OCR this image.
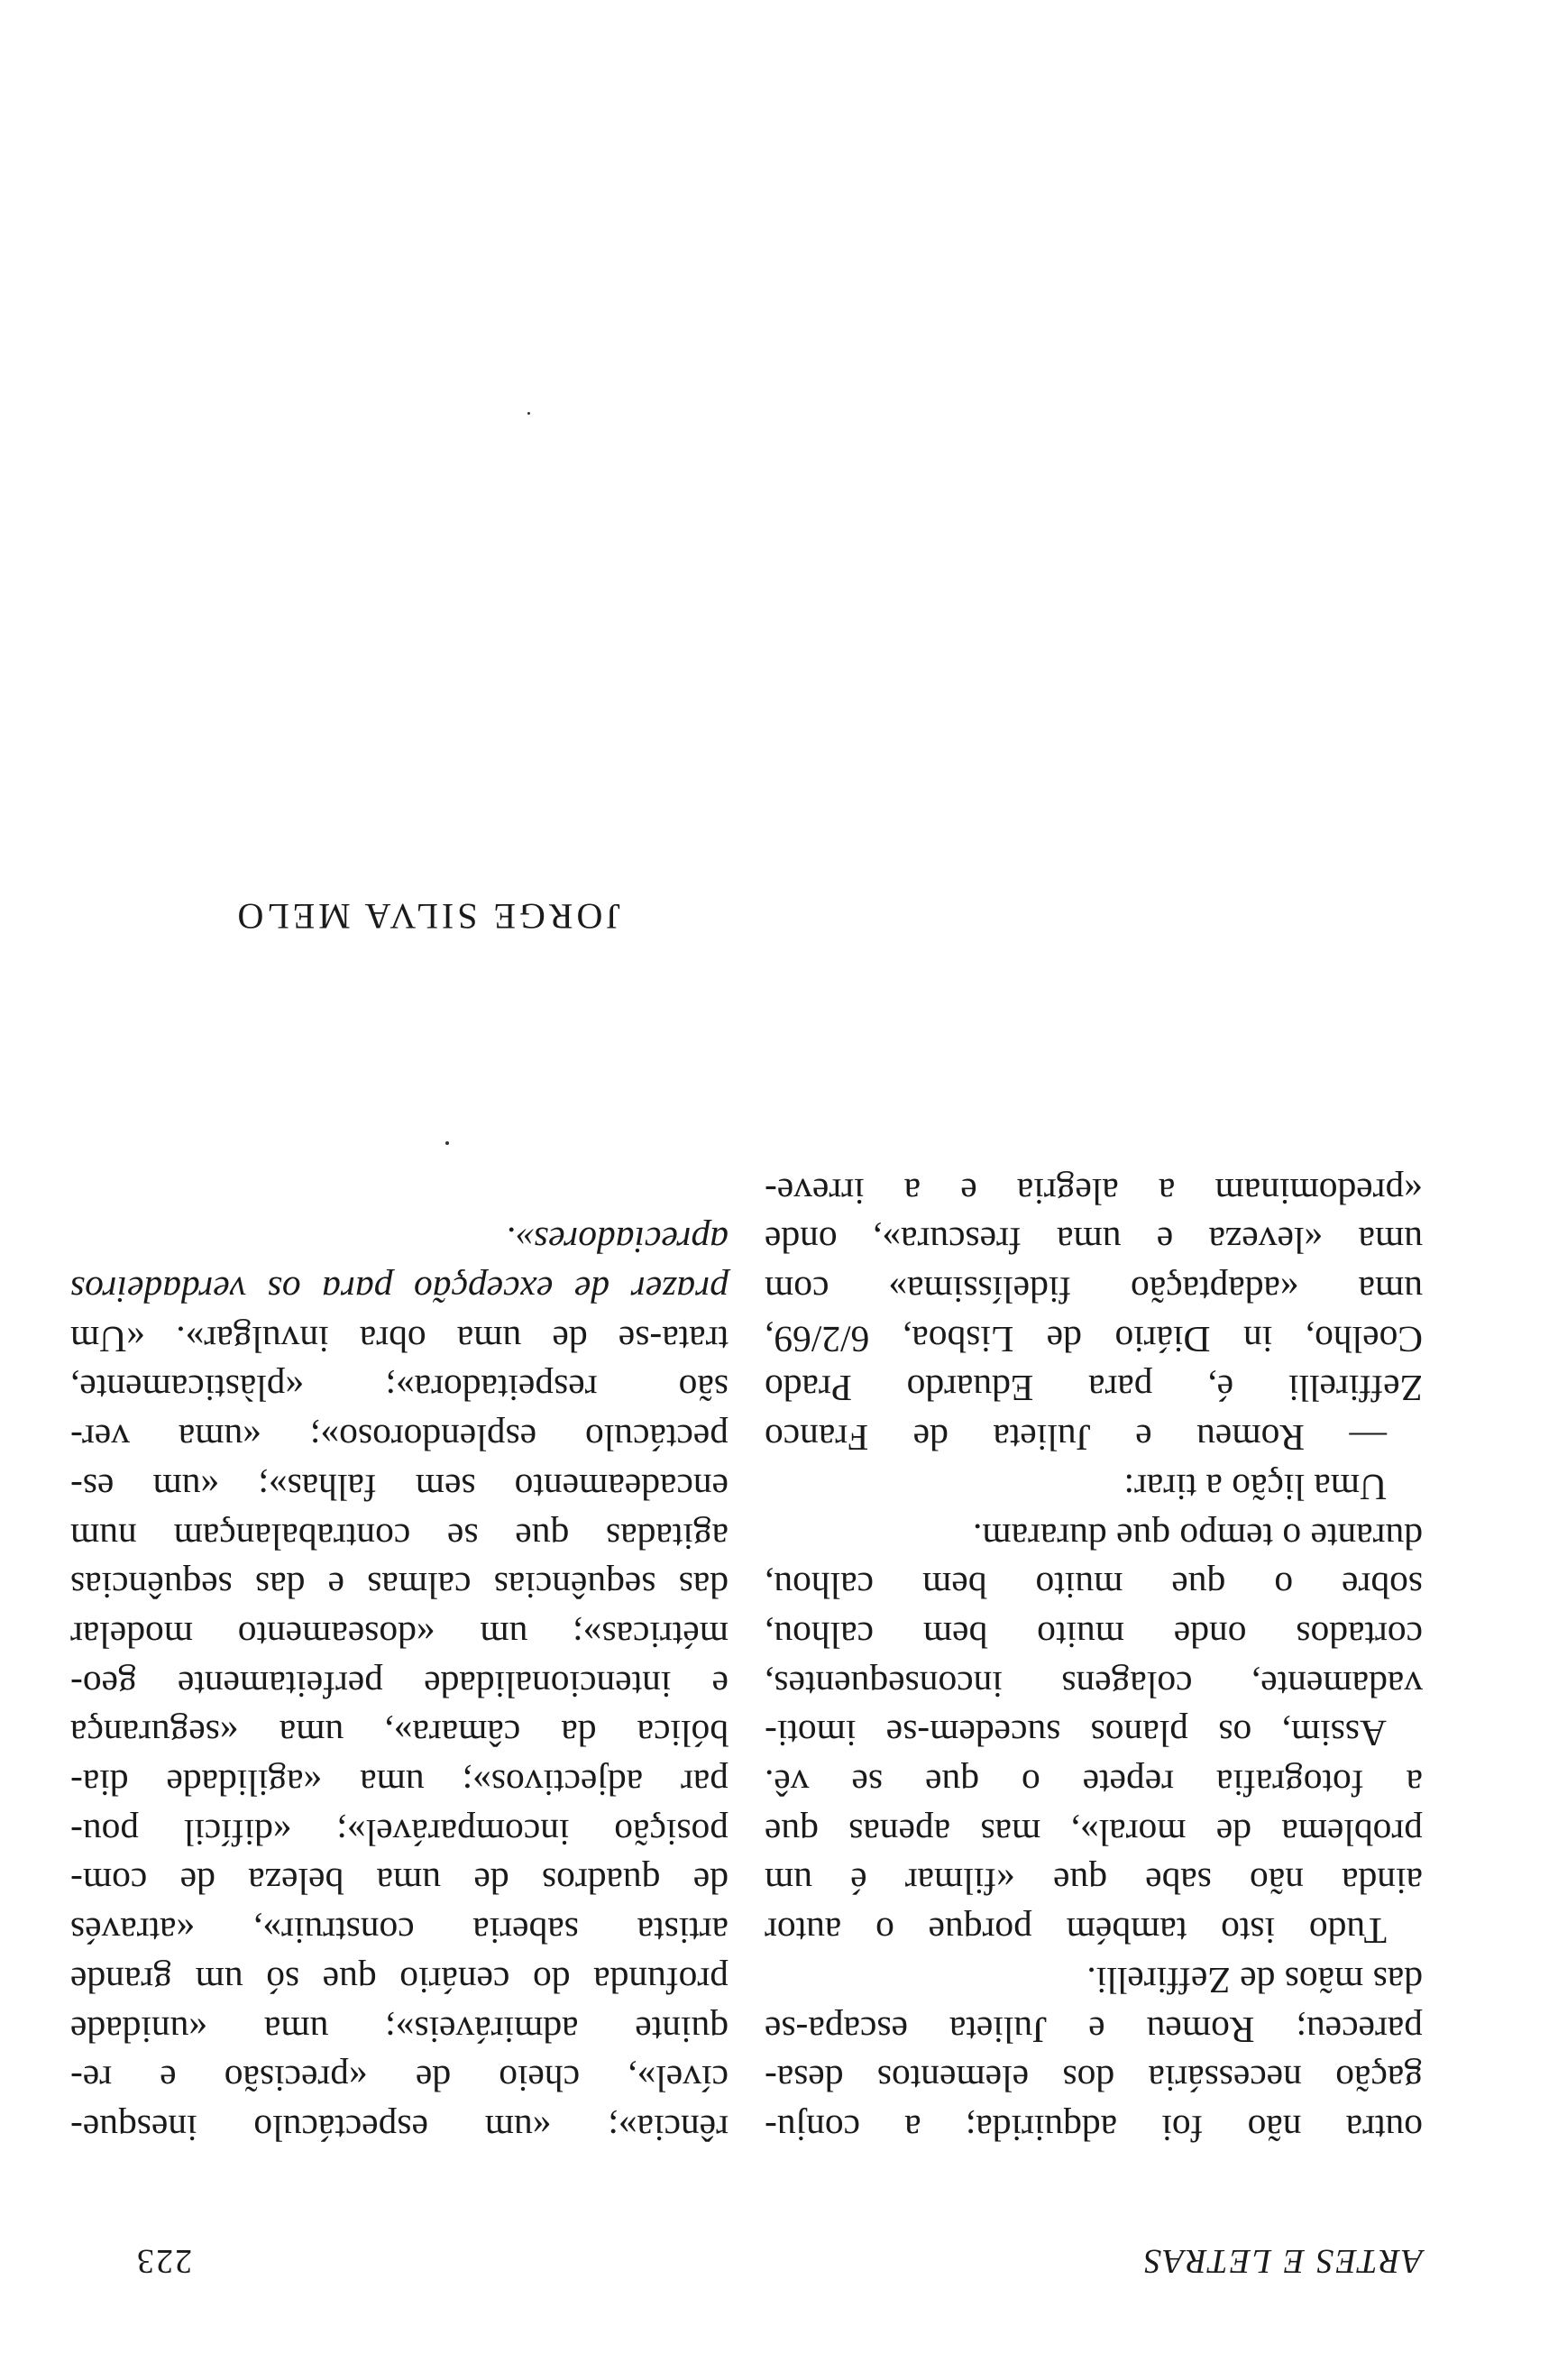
ARTES E LETRAS
223

outra não foi adquirida; a conju-
gação necessária dos elementos desa-
pareceu; Romeu e Julieta escapa-se
das mãos de Zeffirelli.

Tudo isto também porque o autor
ainda não sabe que «filmar é um
problema de moral», mas apenas que
a fotografia repete o que se vê.
Assim, os planos sucedem-se imoti-
vadamente, colagens inconsequentes,
cortados onde muito bem calhou,
sobre o que muito bem calhou,
durante o tempo que duraram.

Uma lição a tirar:

— Romeu e Julieta de Franco
Zeffirelli é, para Eduardo Prado
Coelho, in Diário de Lisboa, 6/2/69,
uma «adaptação fidelíssima» com
uma «leveza e uma frescura», onde
«predominam a alegria e a irreve-

rência»; «um espectáculo inesque-
cível», cheio de «precisão e re-
quinte admiráveis»; uma «unidade
profunda do cenário que só um grande
artista saberia construir», «através
de quadros de uma beleza de com-
posição incomparável»; «difícil pou-
par adjectivos»; uma «agilidade dia-
bólica da câmara», uma «segurança
e intencionalidade perfeitamente geo-
métricas»; um «doseamento modelar
das sequências calmas e das sequências
agitadas que se contrabalançam num
encadeamento sem falhas»; «um es-
pectáculo esplendoroso»; «uma ver-
são respeitadora»; «plàsticamente,
trata-se de uma obra invulgar». «Um

prazer de excepção para os verdadeiros
apreciadores».

JORGE SILVA MELO
